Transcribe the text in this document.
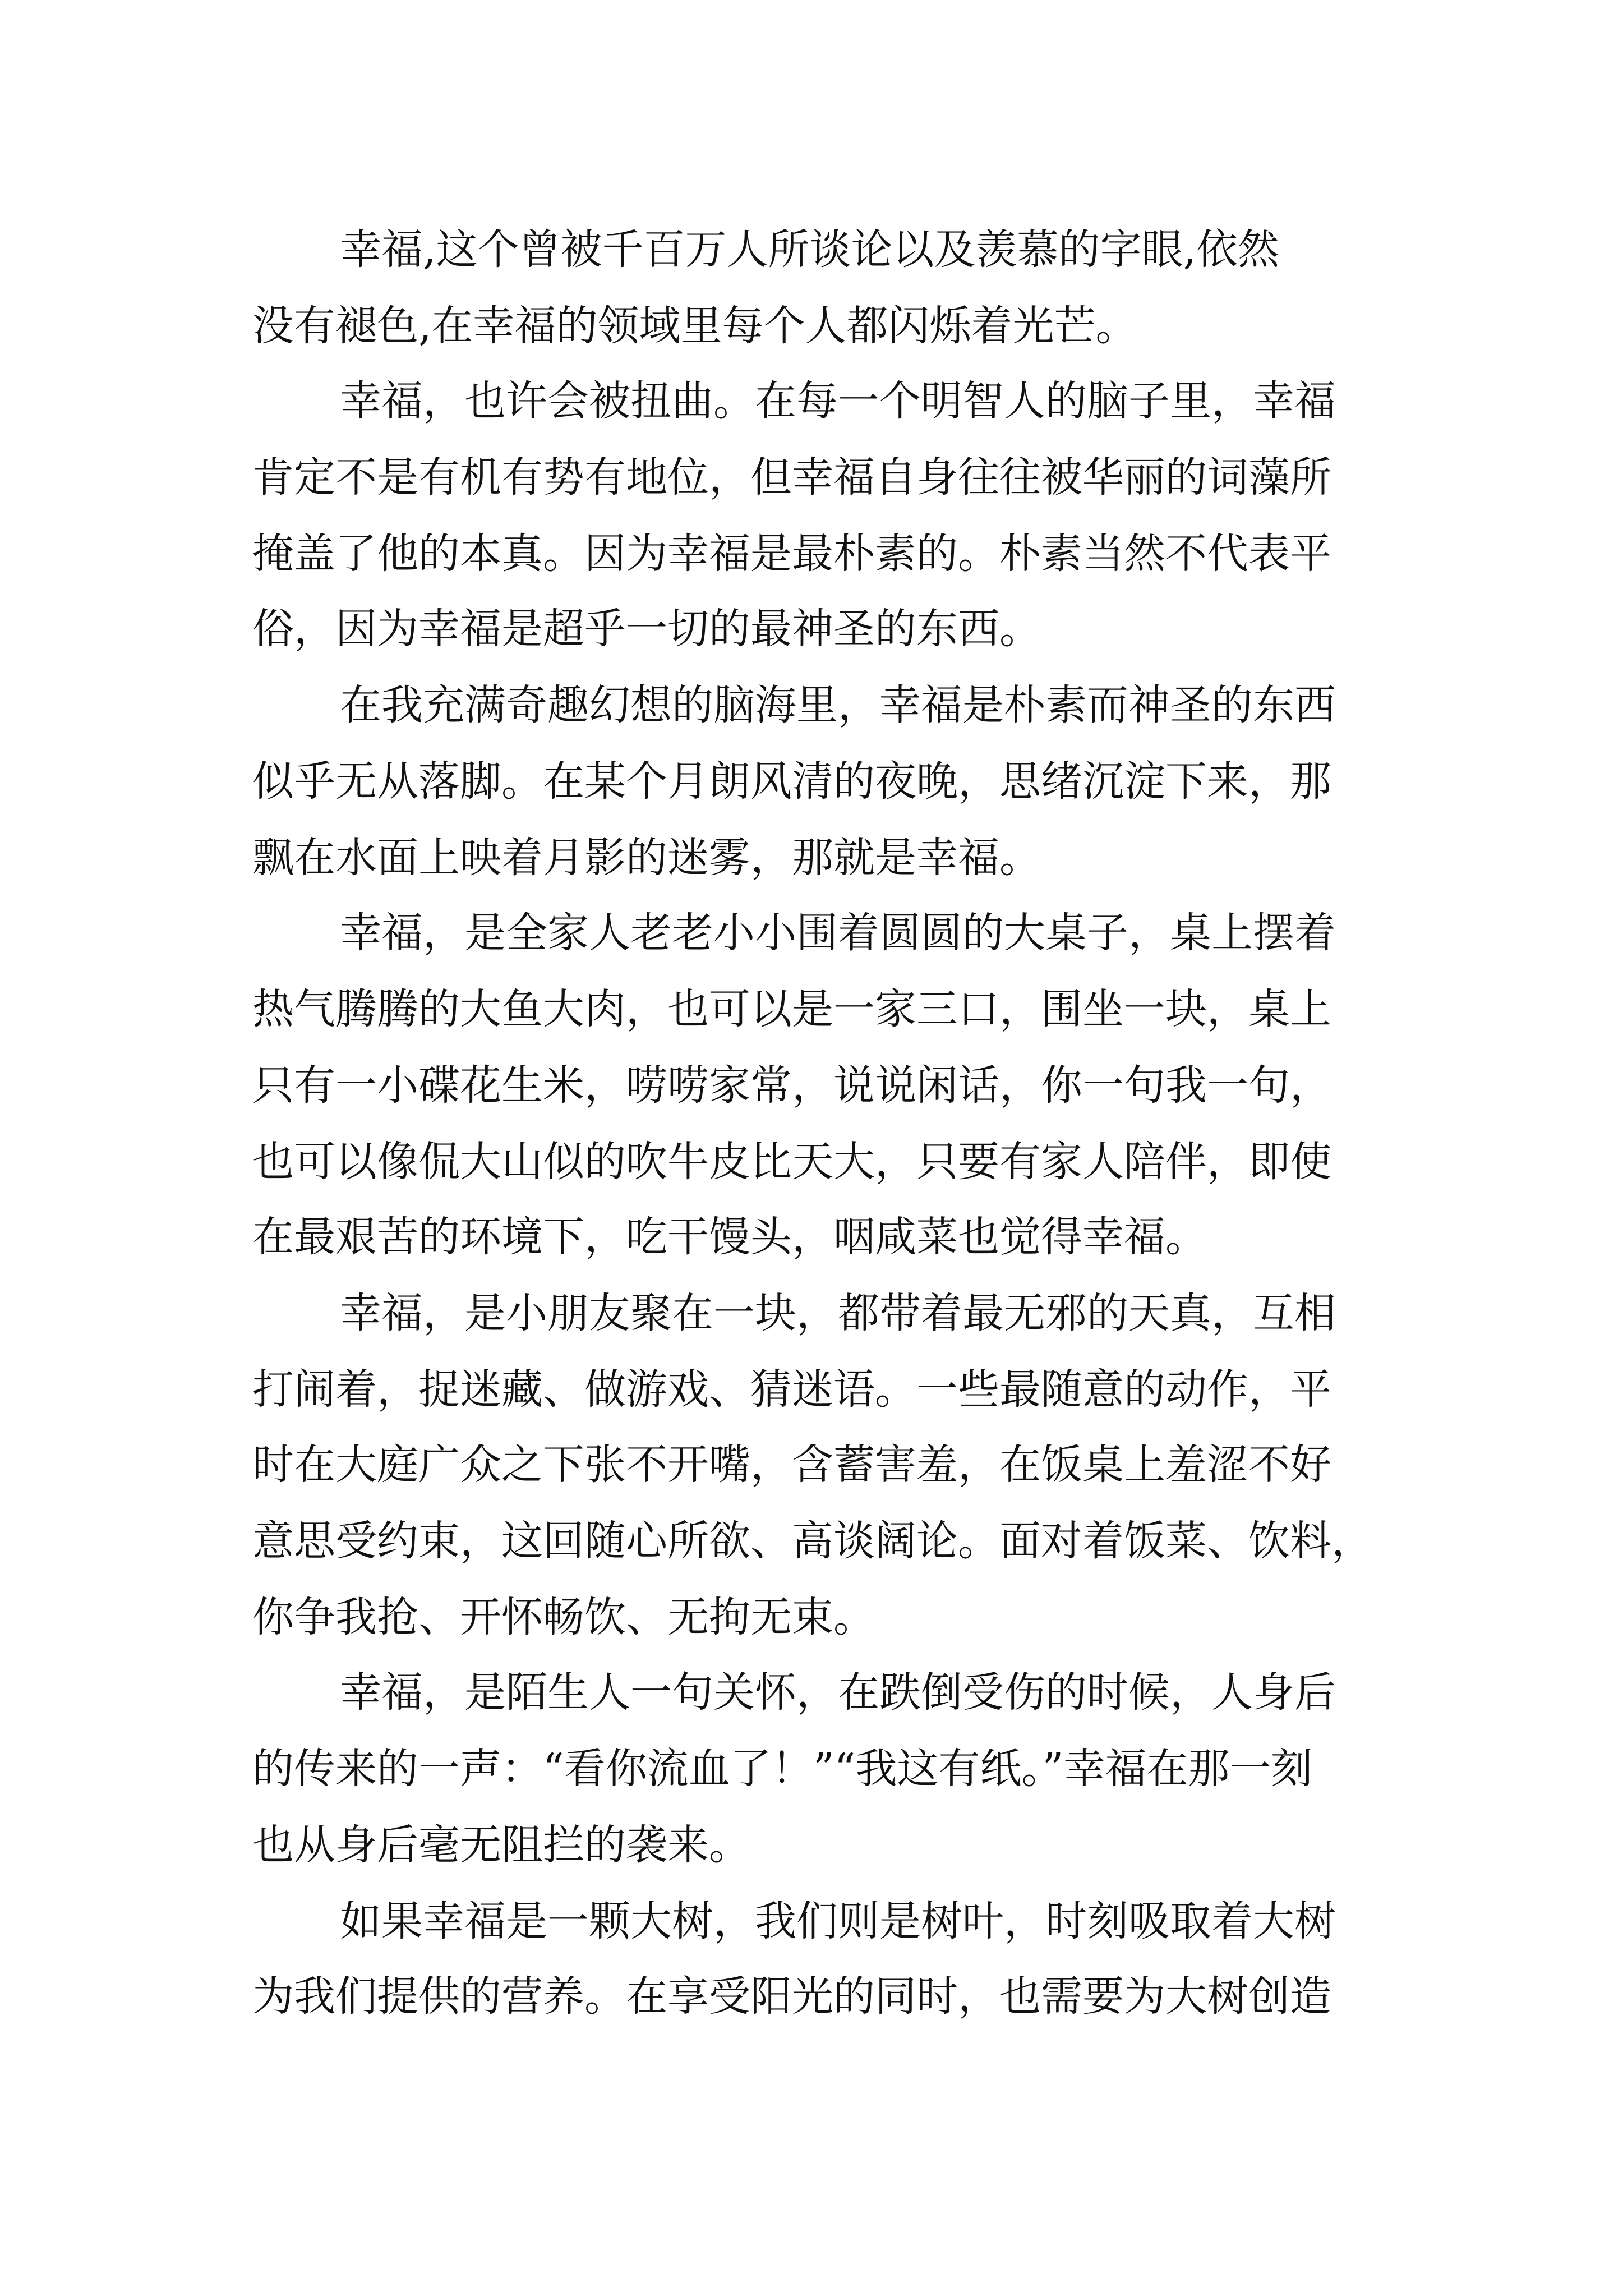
幸福,这个曾被千百万人所谈论以及羡慕的字眼,依然
没有褪色,在幸福的领域里每个人都闪烁着光芒。
幸福，也许会被扭曲。在每一个明智人的脑子里，幸福
肯定不是有机有势有地位，但幸福自身往往被华丽的词藻所
掩盖了他的本真。因为幸福是最朴素的。朴素当然不代表平
俗，因为幸福是超乎一切的最神圣的东西。
在我充满奇趣幻想的脑海里，幸福是朴素而神圣的东西
似乎无从落脚。在某个月朗风清的夜晚，思绪沉淀下来，那
飘在水面上映着月影的迷雾，那就是幸福。
幸福，是全家人老老小小围着圆圆的大桌子，桌上摆着
热气腾腾的大鱼大肉，也可以是一家三口，围坐一块，桌上
只有一小碟花生米，唠唠家常，说说闲话，你一句我一句，
也可以像侃大山似的吹牛皮比天大，只要有家人陪伴，即使
在最艰苦的环境下，吃干馒头，咽咸菜也觉得幸福。
幸福，是小朋友聚在一块，都带着最无邪的天真，互相
打闹着，捉迷藏、做游戏、猜迷语。一些最随意的动作，平
时在大庭广众之下张不开嘴，含蓄害羞，在饭桌上羞涩不好
意思受约束，这回随心所欲、高谈阔论。面对着饭菜、饮料，
你争我抢、开怀畅饮、无拘无束。
幸福，是陌生人一句关怀，在跌倒受伤的时候，人身后
的传来的一声：“看你流血了！”“我这有纸。”幸福在那一刻
也从身后毫无阻拦的袭来。
如果幸福是一颗大树，我们则是树叶，时刻吸取着大树
为我们提供的营养。在享受阳光的同时，也需要为大树创造
